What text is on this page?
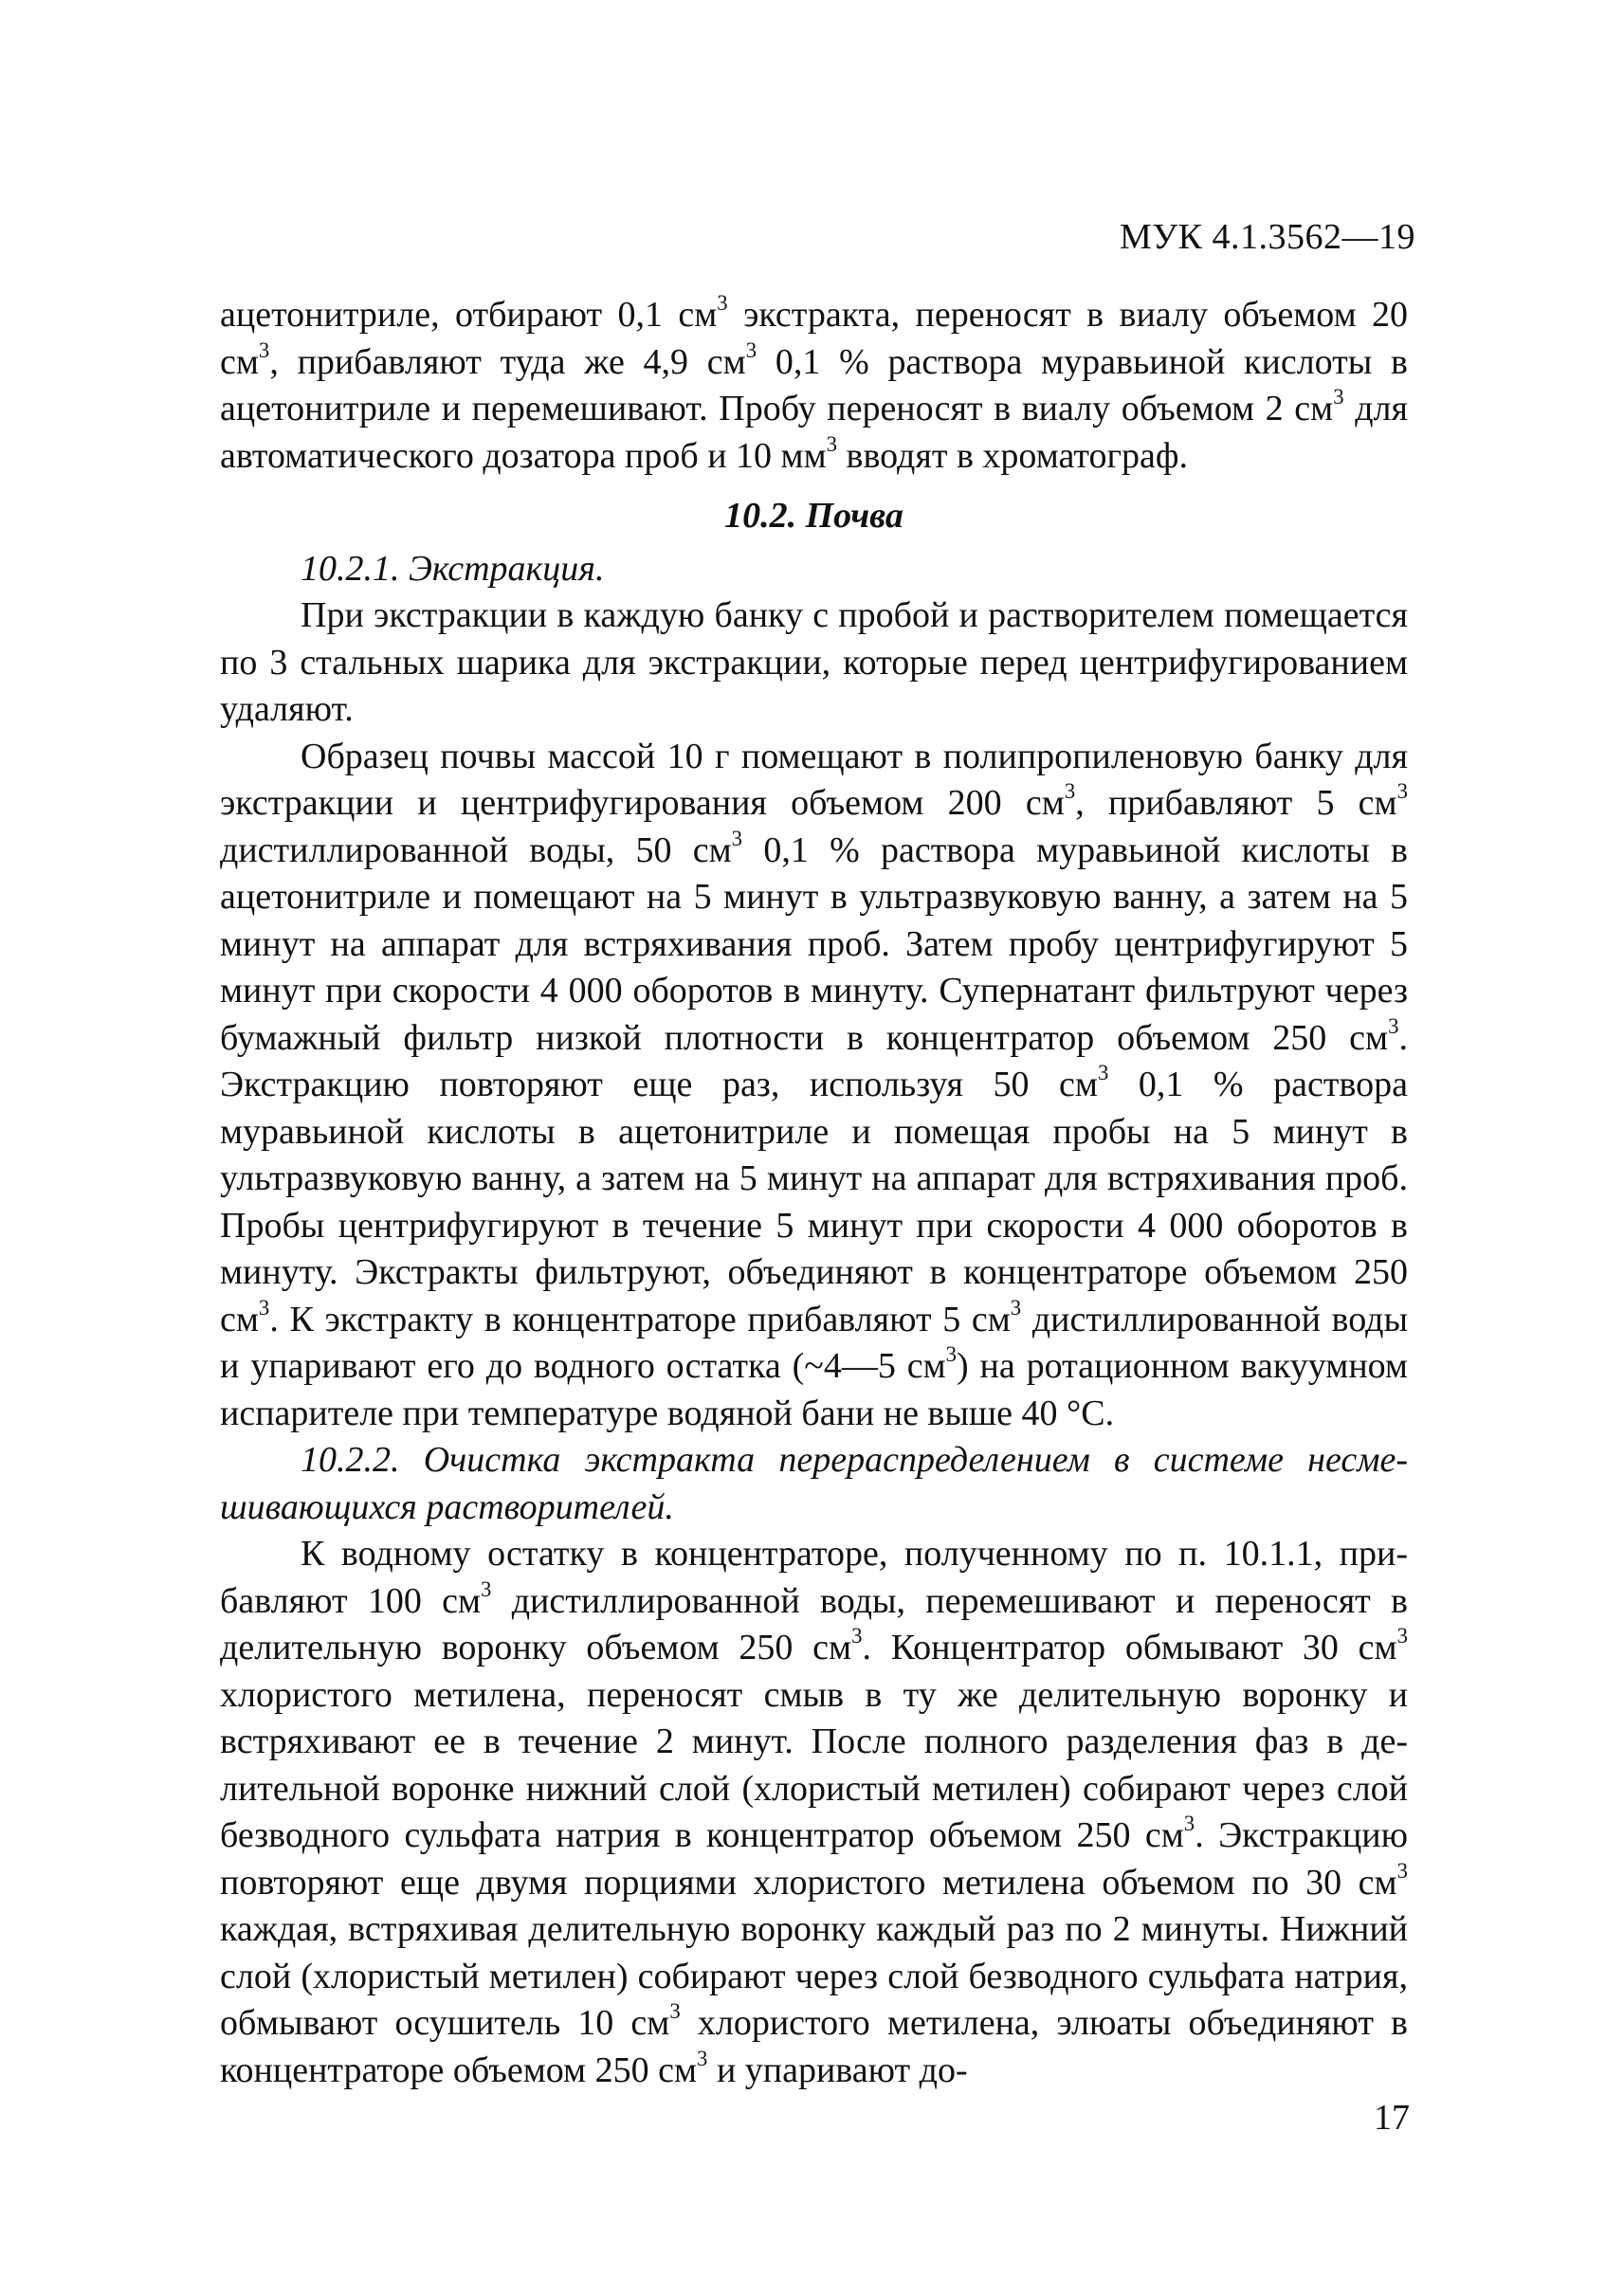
МУК 4.1.3562—19

ацетонитриле, отбирают 0,1 $см^3$ экстракта, переносят в виалу объемом 20 $см^3$, прибавляют туда же 4,9 $см^3$ 0,1 % раствора муравьиной кислоты в ацетонитриле и перемешивают. Пробу переносят в виалу объемом 2 $см^3$ для автоматического дозатора проб и 10 $мм^3$ вводят в хроматограф.

10.2. Почва

10.2.1. Экстракция.

При экстракции в каждую банку с пробой и растворителем помещается по 3 стальных шарика для экстракции, которые перед центрифугированием удаляют.

Образец почвы массой 10 г помещают в полипропиленовую банку для экстракции и центрифугирования объемом 200 $см^3$, прибавляют 5 $см^3$ дистиллированной воды, 50 $см^3$ 0,1 % раствора муравьиной кислоты в ацетонитриле и помещают на 5 минут в ультразвуковую ванну, а затем на 5 минут на аппарат для встряхивания проб. Затем пробу центрифугируют 5 минут при скорости 4 000 оборотов в минуту. Супернатант фильтруют через бумажный фильтр низкой плотности в концентратор объемом 250 $см^3$. Экстракцию повторяют еще раз, используя 50 $см^3$ 0,1 % раствора муравьиной кислоты в ацетонитриле и помещая пробы на 5 минут в ультразвуковую ванну, а затем на 5 минут на аппарат для встряхивания проб. Пробы центрифугируют в течение 5 минут при скорости 4 000 оборотов в минуту. Экстракты фильтруют, объединяют в концентраторе объемом 250 $см^3$. К экстракту в концентраторе прибавляют 5 $см^3$ дистиллированной воды и упаривают его до водного остатка (~4—5 $см^3$) на ротационном вакуумном испарителе при температуре водяной бани не выше 40 °С.

10.2.2. Очистка экстракта перераспределением в системе несмешивающихся растворителей.

К водному остатку в концентраторе, полученному по п. 10.1.1, прибавляют 100 $см^3$ дистиллированной воды, перемешивают и переносят в делительную воронку объемом 250 $см^3$. Концентратор обмывают 30 $см^3$ хлористого метилена, переносят смыв в ту же делительную воронку и встряхивают ее в течение 2 минут. После полного разделения фаз в делительной воронке нижний слой (хлористый метилен) собирают через слой безводного сульфата натрия в концентратор объемом 250 $см^3$. Экстракцию повторяют еще двумя порциями хлористого метилена объемом по 30 $см^3$ каждая, встряхивая делительную воронку каждый раз по 2 минуты. Нижний слой (хлористый метилен) собирают через слой безводного сульфата натрия, обмывают осушитель 10 $см^3$ хлористого метилена, элюаты объединяют в концентраторе объемом 250 $см^3$ и упаривают до-

17
